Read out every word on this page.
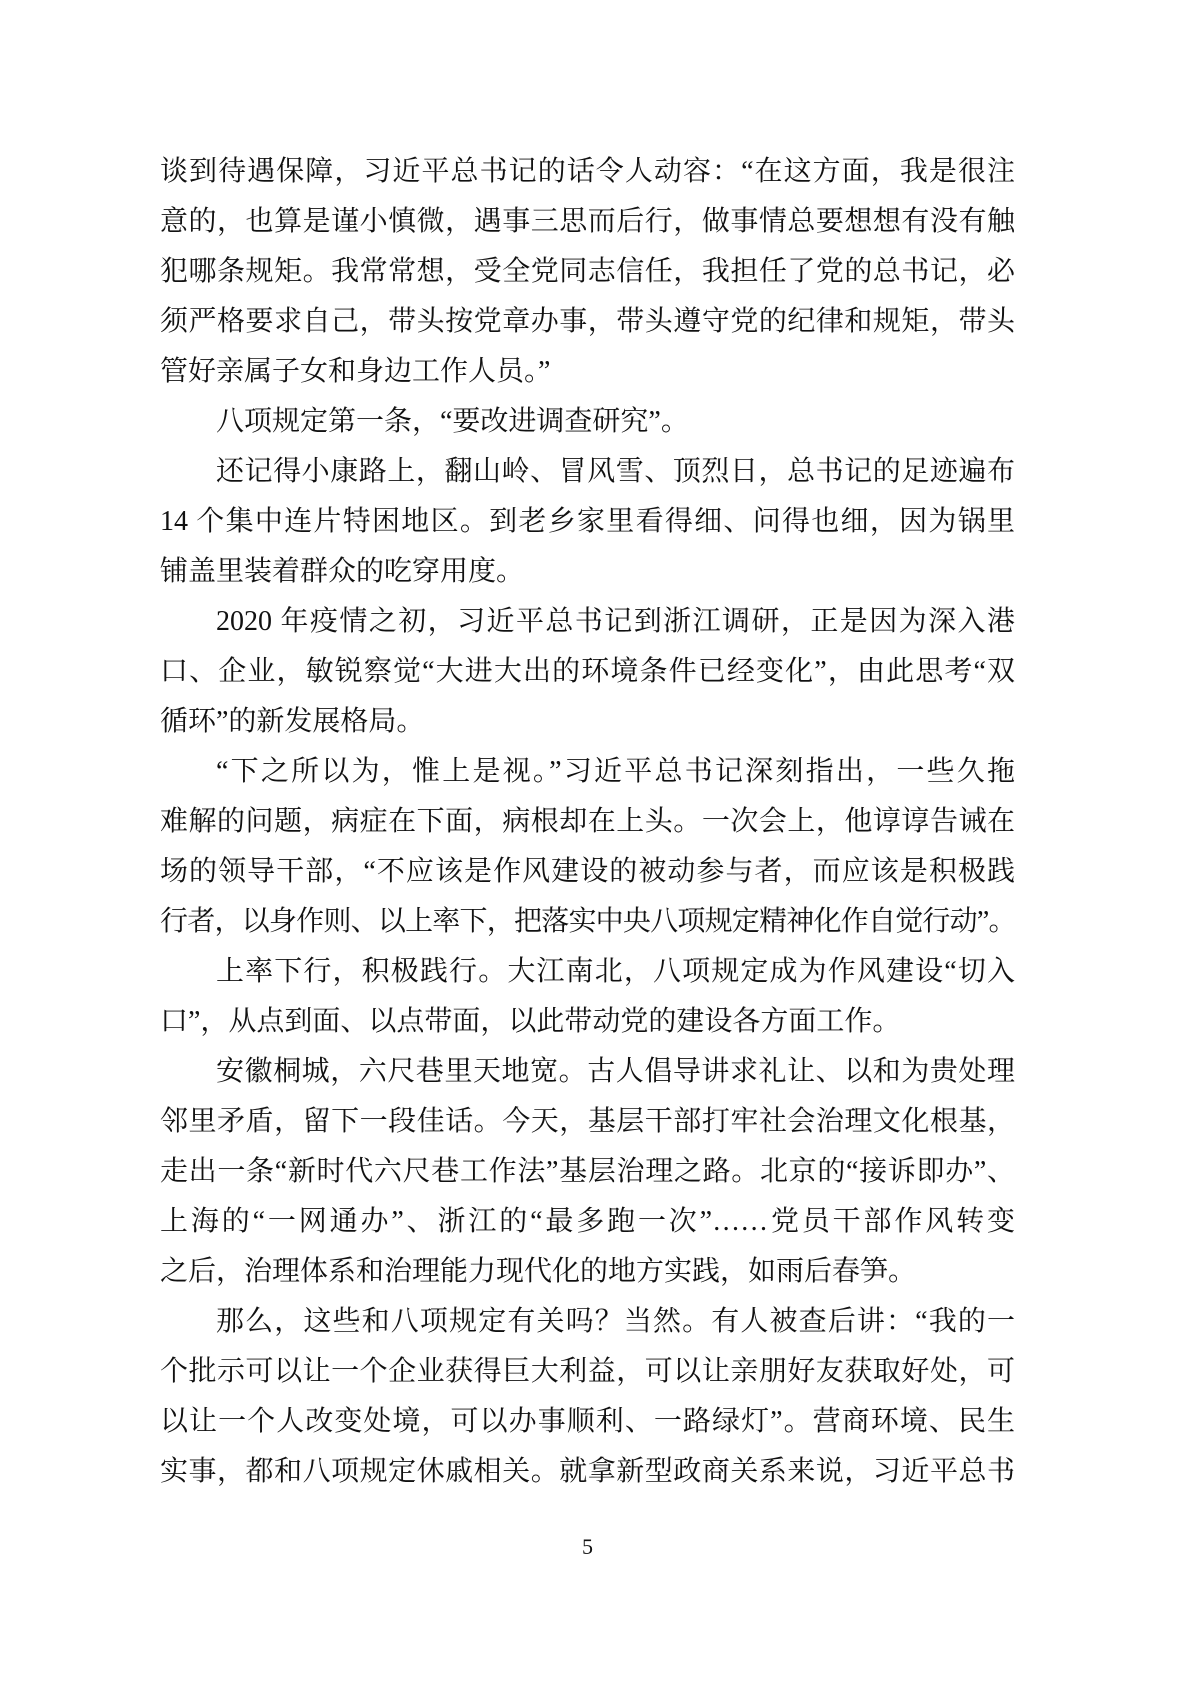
谈到待遇保障，习近平总书记的话令人动容：“在这方面，我是很注
意的，也算是谨小慎微，遇事三思而后行，做事情总要想想有没有触
犯哪条规矩。我常常想，受全党同志信任，我担任了党的总书记，必
须严格要求自己，带头按党章办事，带头遵守党的纪律和规矩，带头
管好亲属子女和身边工作人员。”
八项规定第一条，“要改进调查研究”。
还记得小康路上，翻山岭、冒风雪、顶烈日，总书记的足迹遍布
14 个集中连片特困地区。到老乡家里看得细、问得也细，因为锅里
铺盖里装着群众的吃穿用度。
2020 年疫情之初，习近平总书记到浙江调研，正是因为深入港
口、企业，敏锐察觉“大进大出的环境条件已经变化”，由此思考“双
循环”的新发展格局。
“下之所以为，惟上是视。”习近平总书记深刻指出，一些久拖
难解的问题，病症在下面，病根却在上头。一次会上，他谆谆告诫在
场的领导干部，“不应该是作风建设的被动参与者，而应该是积极践
行者，以身作则、以上率下，把落实中央八项规定精神化作自觉行动”。
上率下行，积极践行。大江南北，八项规定成为作风建设“切入
口”，从点到面、以点带面，以此带动党的建设各方面工作。
安徽桐城，六尺巷里天地宽。古人倡导讲求礼让、以和为贵处理
邻里矛盾，留下一段佳话。今天，基层干部打牢社会治理文化根基，
走出一条“新时代六尺巷工作法”基层治理之路。北京的“接诉即办”、
上海的“一网通办”、浙江的“最多跑一次”……党员干部作风转变
之后，治理体系和治理能力现代化的地方实践，如雨后春笋。
那么，这些和八项规定有关吗？当然。有人被查后讲：“我的一
个批示可以让一个企业获得巨大利益，可以让亲朋好友获取好处，可
以让一个人改变处境，可以办事顺利、一路绿灯”。营商环境、民生
实事，都和八项规定休戚相关。就拿新型政商关系来说，习近平总书
5
